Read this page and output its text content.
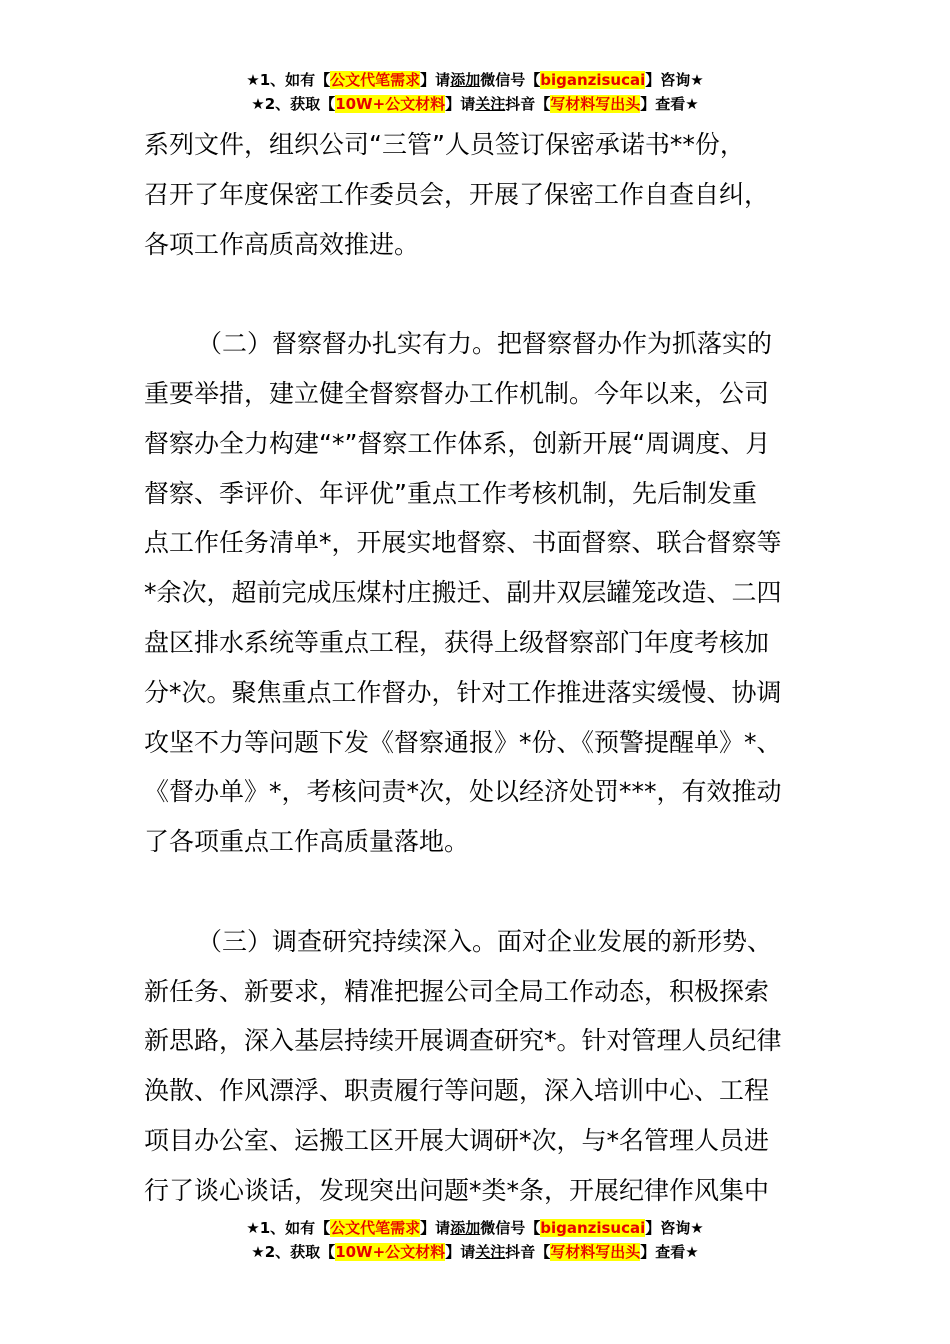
★1、如有【公文代笔需求】请添加微信号【biganzisucai】咨询★
★2、获取【10W+公文材料】请关注抖音【写材料写出头】查看★

系列文件，组织公司“三管”人员签订保密承诺书**份，

召开了年度保密工作委员会，开展了保密工作自查自纠，

各项工作高质高效推进。

（二）督察督办扎实有力。把督察督办作为抓落实的

重要举措，建立健全督察督办工作机制。今年以来，公司

督察办全力构建“*”督察工作体系，创新开展“周调度、月

督察、季评价、年评优”重点工作考核机制，先后制发重

点工作任务清单*，开展实地督察、书面督察、联合督察等

*余次，超前完成压煤村庄搬迁、副井双层罐笼改造、二四

盘区排水系统等重点工程，获得上级督察部门年度考核加

分*次。聚焦重点工作督办，针对工作推进落实缓慢、协调

攻坚不力等问题下发《督察通报》*份、《预警提醒单》*、

《督办单》*，考核问责*次，处以经济处罚***，有效推动

了各项重点工作高质量落地。

（三）调查研究持续深入。面对企业发展的新形势、

新任务、新要求，精准把握公司全局工作动态，积极探索

新思路，深入基层持续开展调查研究*。针对管理人员纪律

涣散、作风漂浮、职责履行等问题，深入培训中心、工程

项目办公室、运搬工区开展大调研*次，与*名管理人员进

行了谈心谈话，发现突出问题*类*条，开展纪律作风集中

★1、如有【公文代笔需求】请添加微信号【biganzisucai】咨询★
★2、获取【10W+公文材料】请关注抖音【写材料写出头】查看★
